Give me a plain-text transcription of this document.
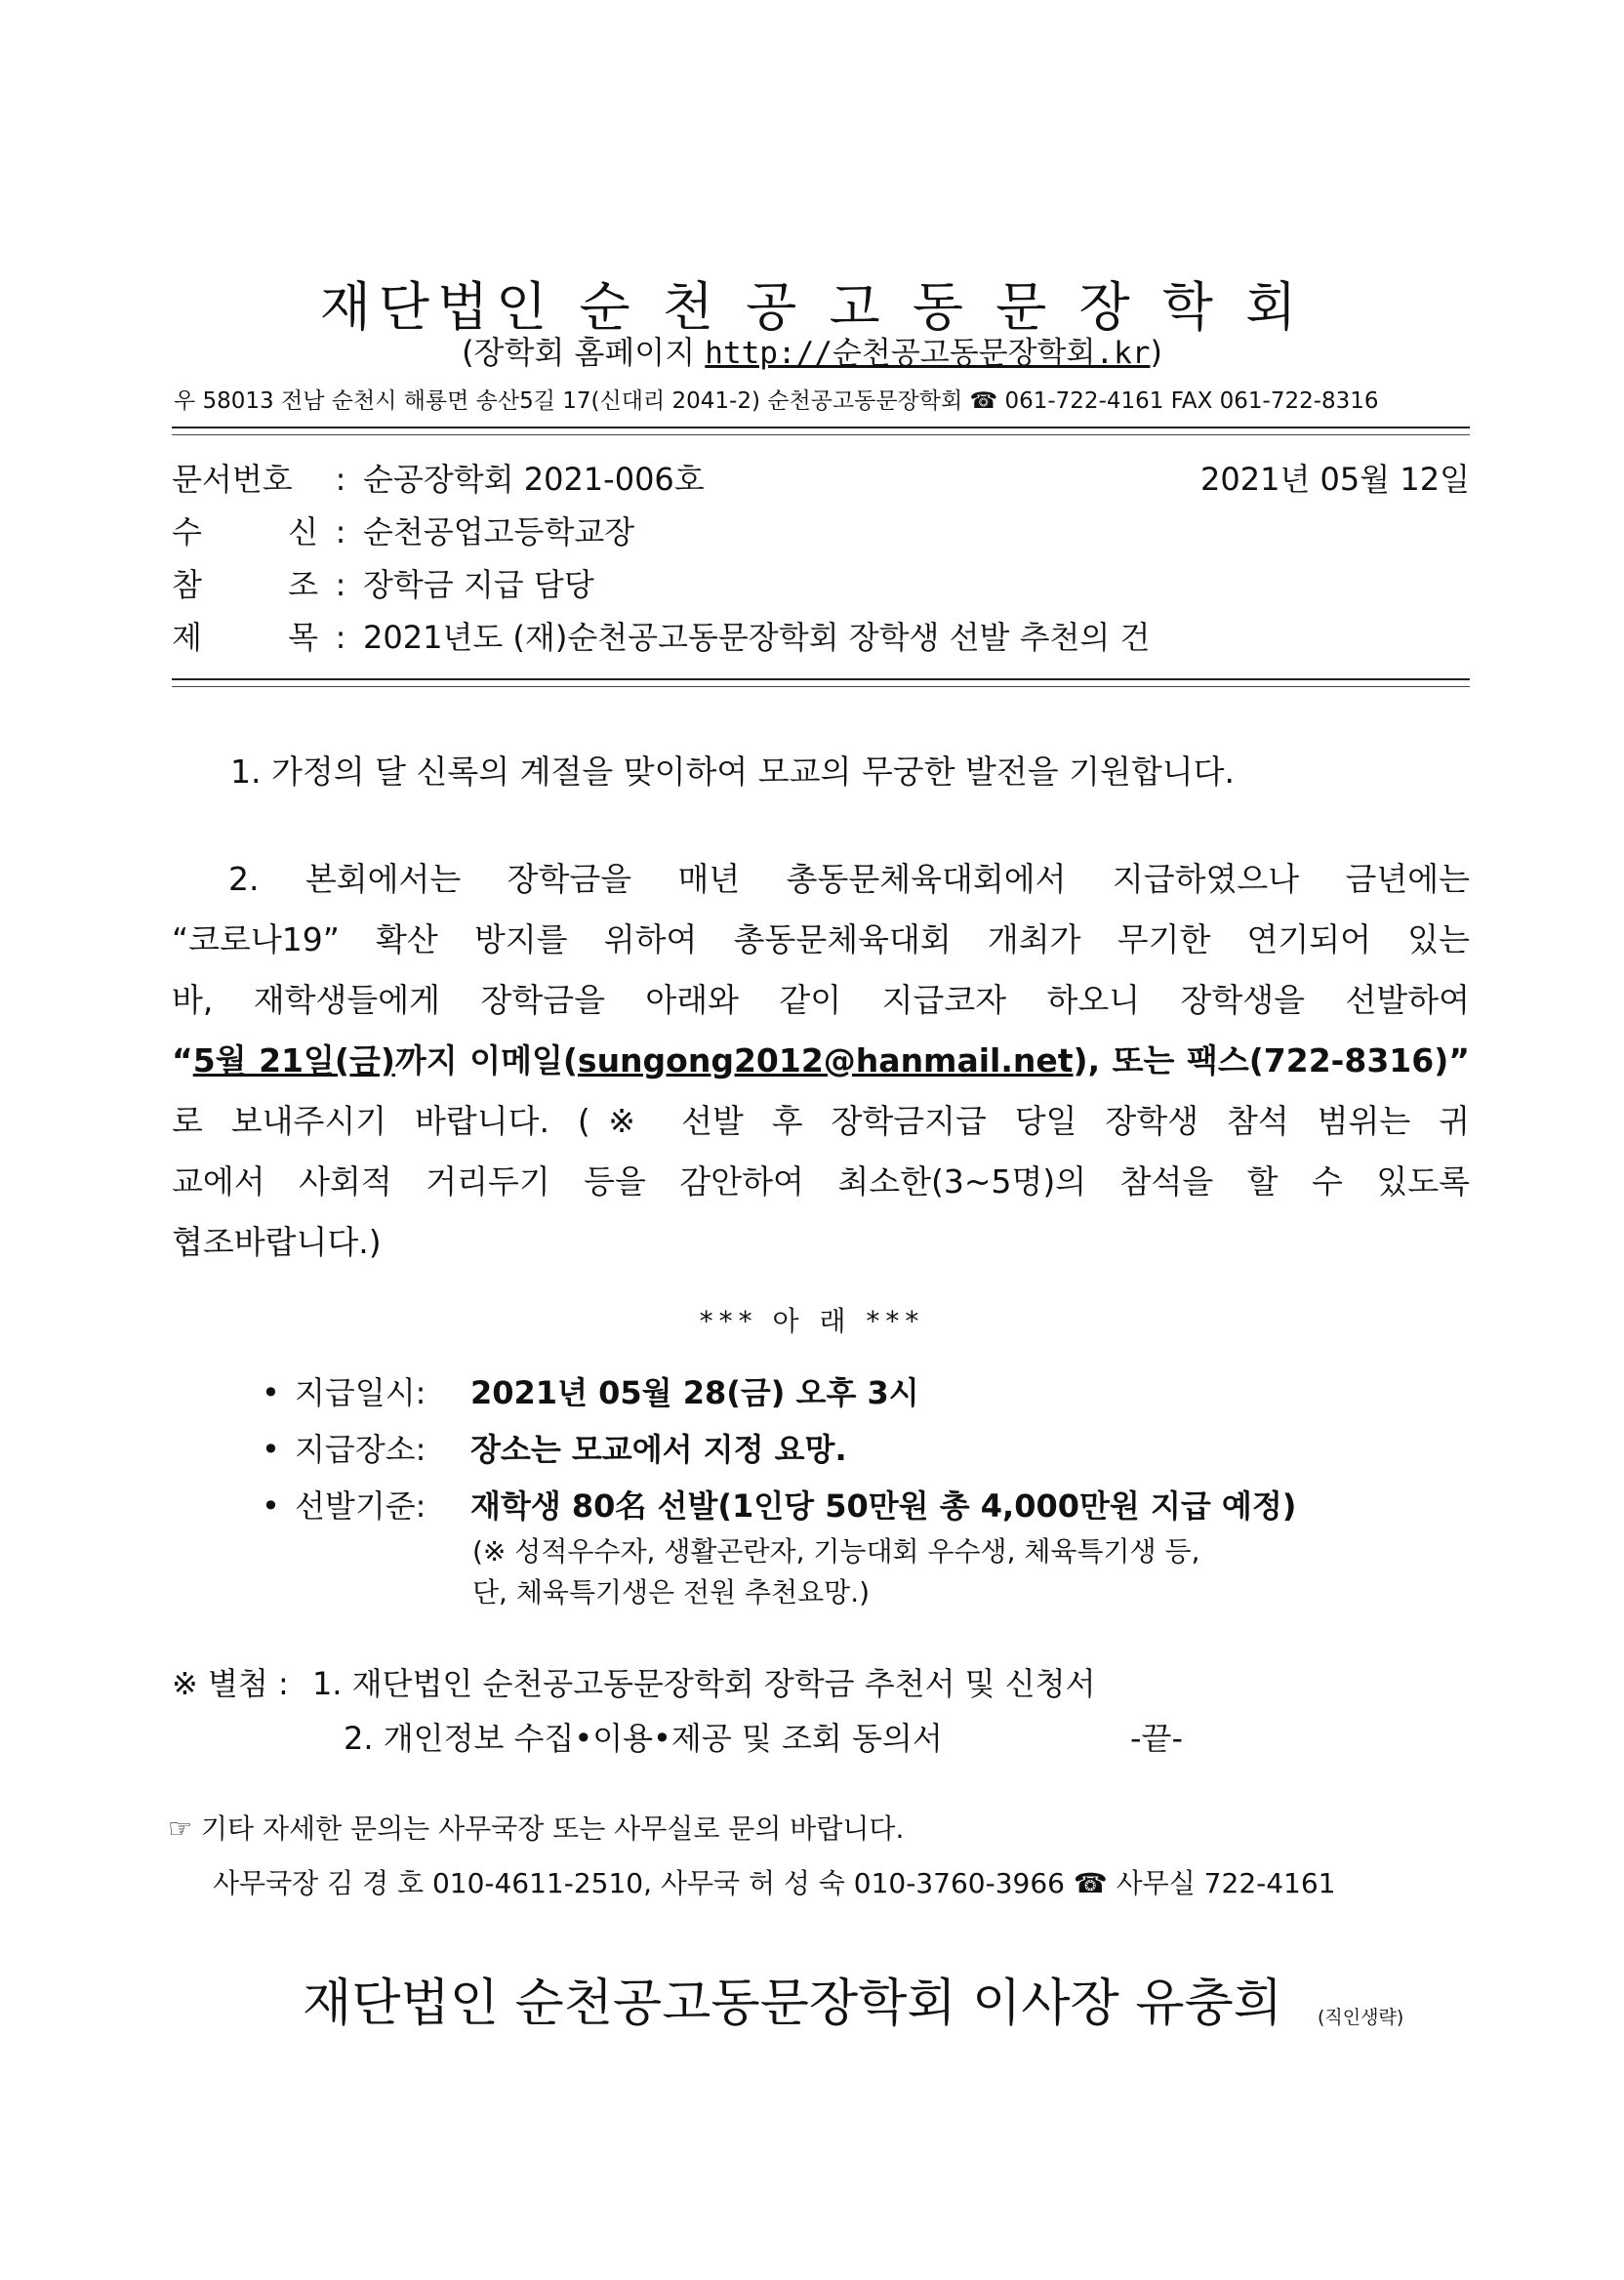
재단법인 순 천 공 고 동 문 장 학 회
(장학회 홈페이지 http://순천공고동문장학회.kr)
우 58013 전남 순천시 해룡면 송산5길 17(신대리 2041-2) 순천공고동문장학회 ☎ 061-722-4161 FAX 061-722-8316
문서번호 : 순공장학회 2021-006호	2021년 05월 12일
수 신 : 순천공업고등학교장
참 조 : 장학금 지급 담당
제 목 : 2021년도 (재)순천공고동문장학회 장학생 선발 추천의 건
1. 가정의 달 신록의 계절을 맞이하여 모교의 무궁한 발전을 기원합니다.
2. 본회에서는 장학금을 매년 총동문체육대회에서 지급하였으나 금년에는
“코로나19” 확산 방지를 위하여 총동문체육대회 개최가 무기한 연기되어 있는
바, 재학생들에게 장학금을 아래와 같이 지급코자 하오니 장학생을 선발하여
“5월 21일(금)까지 이메일(sungong2012@hanmail.net), 또는 팩스(722-8316)”
로 보내주시기 바랍니다. (※ 선발 후 장학금지급 당일 장학생 참석 범위는 귀
교에서 사회적 거리두기 등을 감안하여 최소한(3~5명)의 참석을 할 수 있도록
협조바랍니다.)
*** 아 래 ***
• 지급일시: 2021년 05월 28(금) 오후 3시
• 지급장소: 장소는 모교에서 지정 요망.
• 선발기준: 재학생 80名 선발(1인당 50만원 총 4,000만원 지급 예정)
(※ 성적우수자, 생활곤란자, 기능대회 우수생, 체육특기생 등,
단, 체육특기생은 전원 추천요망.)
※ 별첨 : 1. 재단법인 순천공고동문장학회 장학금 추천서 및 신청서
2. 개인정보 수집•이용•제공 및 조회 동의서	-끝-
☞ 기타 자세한 문의는 사무국장 또는 사무실로 문의 바랍니다.
사무국장 김 경 호 010-4611-2510, 사무국 허 성 숙 010-3760-3966 ☎ 사무실 722-4161
재단법인 순천공고동문장학회 이사장 유충희 (직인생략)
